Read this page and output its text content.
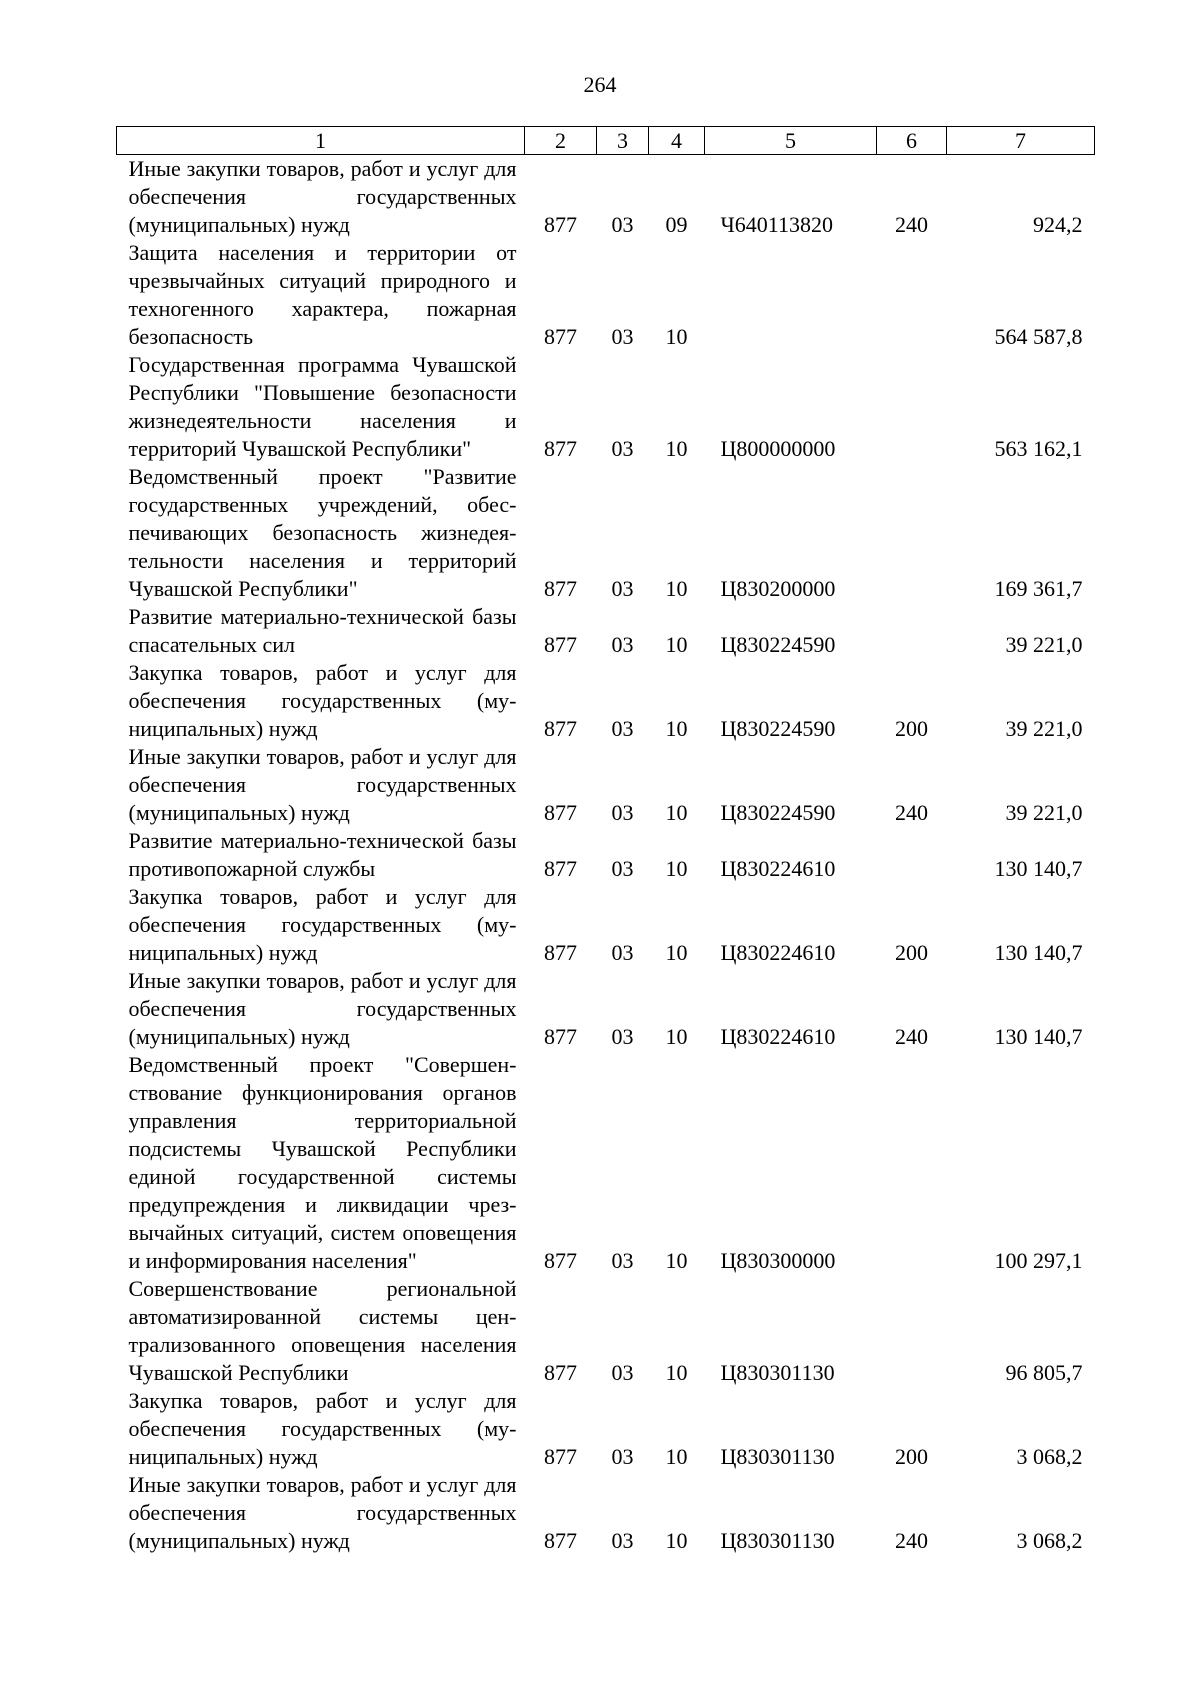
264
1	2	3	4	5	6	7
Иные закупки товаров, работ и услуг для обеспечения государственных (муниципальных) нужд	877	03	09	Ч640113820	240	924,2
Защита населения и территории от чрезвычайных ситуаций природного и техногенного характера, пожарная безопасность	877	03	10			564 587,8
Государственная программа Чувашской Республики "Повышение безопасности жизнедеятельности населения и территорий Чувашской Республики"	877	03	10	Ц800000000		563 162,1
Ведомственный проект "Развитие государственных учреждений, обеспечивающих безопасность жизнедеятельности населения и территорий Чувашской Республики"	877	03	10	Ц830200000		169 361,7
Развитие материально-технической базы спасательных сил	877	03	10	Ц830224590		39 221,0
Закупка товаров, работ и услуг для обеспечения государственных (муниципальных) нужд	877	03	10	Ц830224590	200	39 221,0
Иные закупки товаров, работ и услуг для обеспечения государственных (муниципальных) нужд	877	03	10	Ц830224590	240	39 221,0
Развитие материально-технической базы противопожарной службы	877	03	10	Ц830224610		130 140,7
Закупка товаров, работ и услуг для обеспечения государственных (муниципальных) нужд	877	03	10	Ц830224610	200	130 140,7
Иные закупки товаров, работ и услуг для обеспечения государственных (муниципальных) нужд	877	03	10	Ц830224610	240	130 140,7
Ведомственный проект "Совершенствование функционирования органов управления территориальной подсистемы Чувашской Республики единой государственной системы предупреждения и ликвидации чрезвычайных ситуаций, систем оповещения и информирования населения"	877	03	10	Ц830300000		100 297,1
Совершенствование региональной автоматизированной системы централизованного оповещения населения Чувашской Республики	877	03	10	Ц830301130		96 805,7
Закупка товаров, работ и услуг для обеспечения государственных (муниципальных) нужд	877	03	10	Ц830301130	200	3 068,2
Иные закупки товаров, работ и услуг для обеспечения государственных (муниципальных) нужд	877	03	10	Ц830301130	240	3 068,2
